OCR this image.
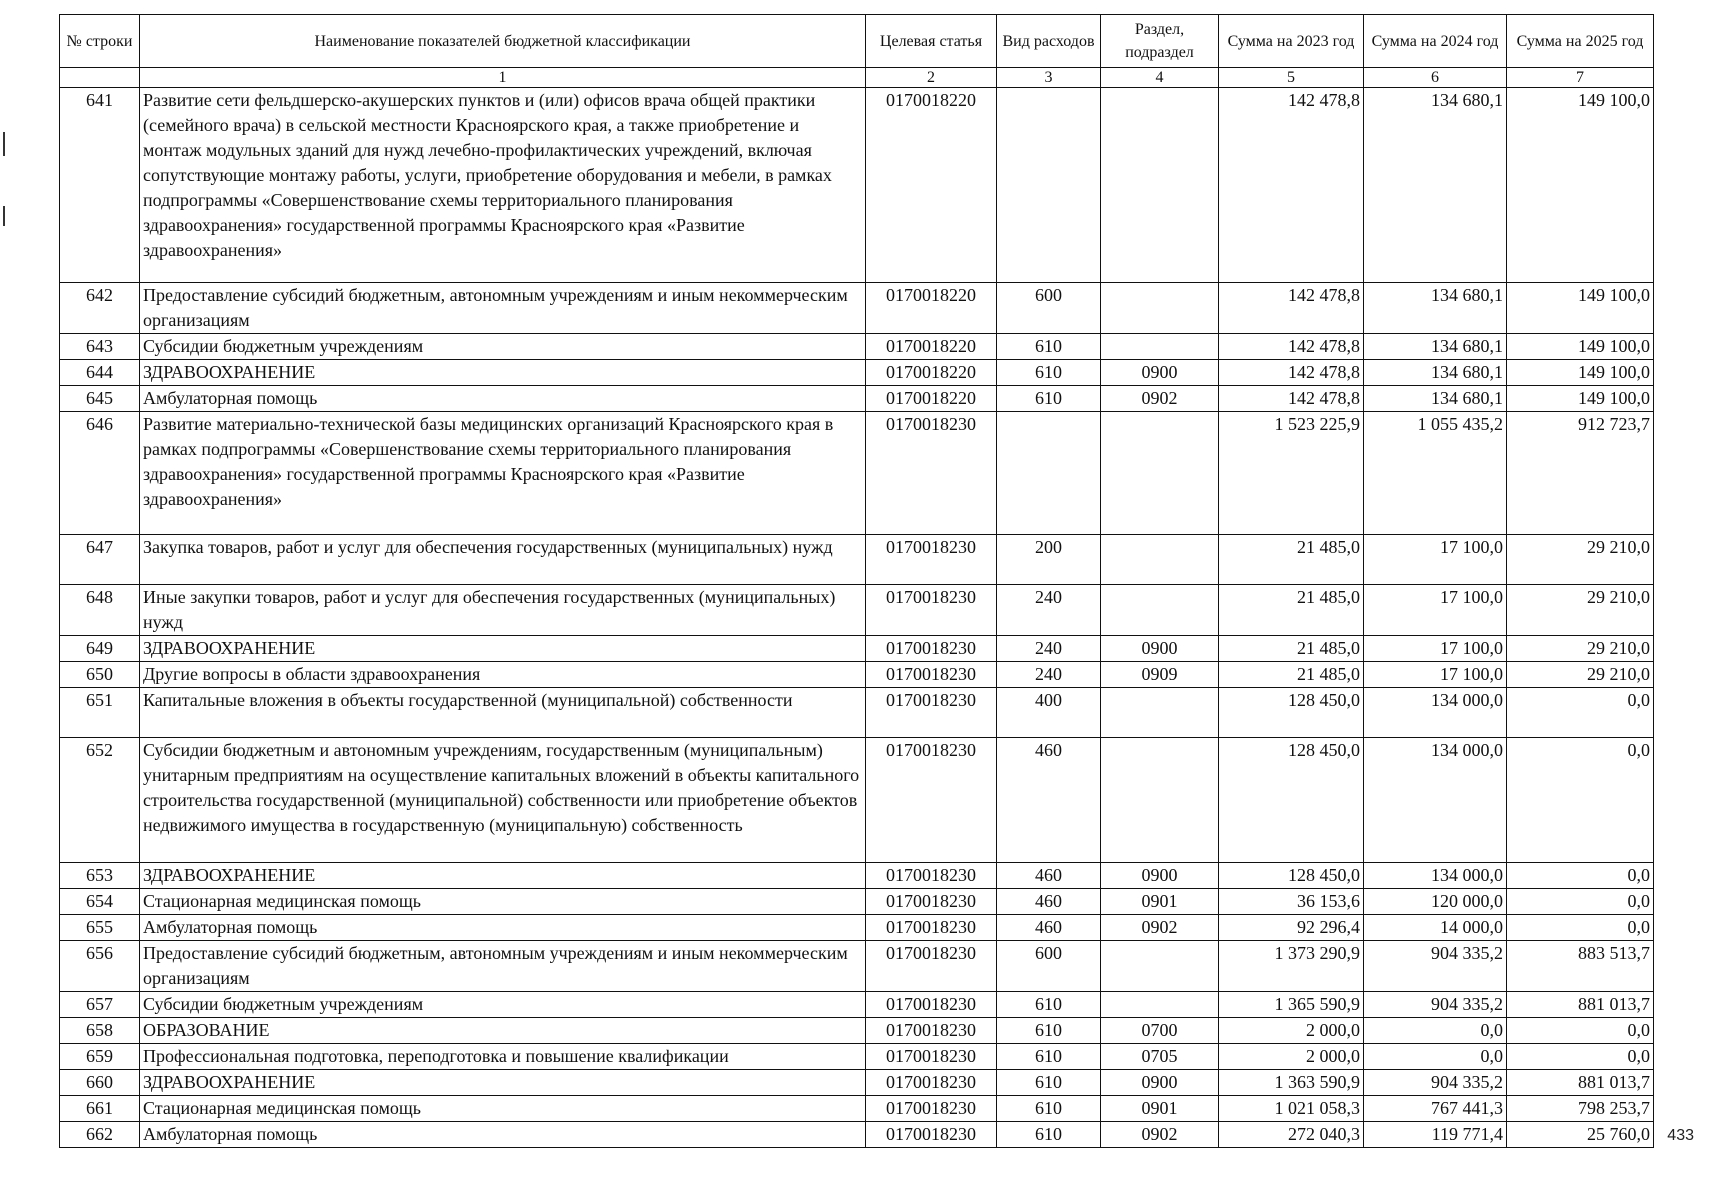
№ строки	Наименование показателей бюджетной классификации	Целевая статья	Вид расходов	Раздел, подраздел	Сумма на 2023 год	Сумма на 2024 год	Сумма на 2025 год
	1	2	3	4	5	6	7
641	Развитие сети фельдшерско-акушерских пунктов и (или) офисов врача общей практики (семейного врача) в сельской местности Красноярского края, а также приобретение и монтаж модульных зданий для нужд лечебно-профилактических учреждений, включая сопутствующие монтажу работы, услуги, приобретение оборудования и мебели, в рамках подпрограммы «Совершенствование схемы территориального планирования здравоохранения» государственной программы Красноярского края «Развитие здравоохранения»	0170018220			142 478,8	134 680,1	149 100,0
642	Предоставление субсидий бюджетным, автономным учреждениям и иным некоммерческим организациям	0170018220	600		142 478,8	134 680,1	149 100,0
643	Субсидии бюджетным учреждениям	0170018220	610		142 478,8	134 680,1	149 100,0
644	ЗДРАВООХРАНЕНИЕ	0170018220	610	0900	142 478,8	134 680,1	149 100,0
645	Амбулаторная помощь	0170018220	610	0902	142 478,8	134 680,1	149 100,0
646	Развитие материально-технической базы медицинских организаций Красноярского края в рамках подпрограммы «Совершенствование схемы территориального планирования здравоохранения» государственной программы Красноярского края «Развитие здравоохранения»	0170018230			1 523 225,9	1 055 435,2	912 723,7
647	Закупка товаров, работ и услуг для обеспечения государственных (муниципальных) нужд	0170018230	200		21 485,0	17 100,0	29 210,0
648	Иные закупки товаров, работ и услуг для обеспечения государственных (муниципальных) нужд	0170018230	240		21 485,0	17 100,0	29 210,0
649	ЗДРАВООХРАНЕНИЕ	0170018230	240	0900	21 485,0	17 100,0	29 210,0
650	Другие вопросы в области здравоохранения	0170018230	240	0909	21 485,0	17 100,0	29 210,0
651	Капитальные вложения в объекты государственной (муниципальной) собственности	0170018230	400		128 450,0	134 000,0	0,0
652	Субсидии бюджетным и автономным учреждениям, государственным (муниципальным) унитарным предприятиям на осуществление капитальных вложений в объекты капитального строительства государственной (муниципальной) собственности или приобретение объектов недвижимого имущества в государственную (муниципальную) собственность	0170018230	460		128 450,0	134 000,0	0,0
653	ЗДРАВООХРАНЕНИЕ	0170018230	460	0900	128 450,0	134 000,0	0,0
654	Стационарная медицинская помощь	0170018230	460	0901	36 153,6	120 000,0	0,0
655	Амбулаторная помощь	0170018230	460	0902	92 296,4	14 000,0	0,0
656	Предоставление субсидий бюджетным, автономным учреждениям и иным некоммерческим организациям	0170018230	600		1 373 290,9	904 335,2	883 513,7
657	Субсидии бюджетным учреждениям	0170018230	610		1 365 590,9	904 335,2	881 013,7
658	ОБРАЗОВАНИЕ	0170018230	610	0700	2 000,0	0,0	0,0
659	Профессиональная подготовка, переподготовка и повышение квалификации	0170018230	610	0705	2 000,0	0,0	0,0
660	ЗДРАВООХРАНЕНИЕ	0170018230	610	0900	1 363 590,9	904 335,2	881 013,7
661	Стационарная медицинская помощь	0170018230	610	0901	1 021 058,3	767 441,3	798 253,7
662	Амбулаторная помощь	0170018230	610	0902	272 040,3	119 771,4	25 760,0 433
